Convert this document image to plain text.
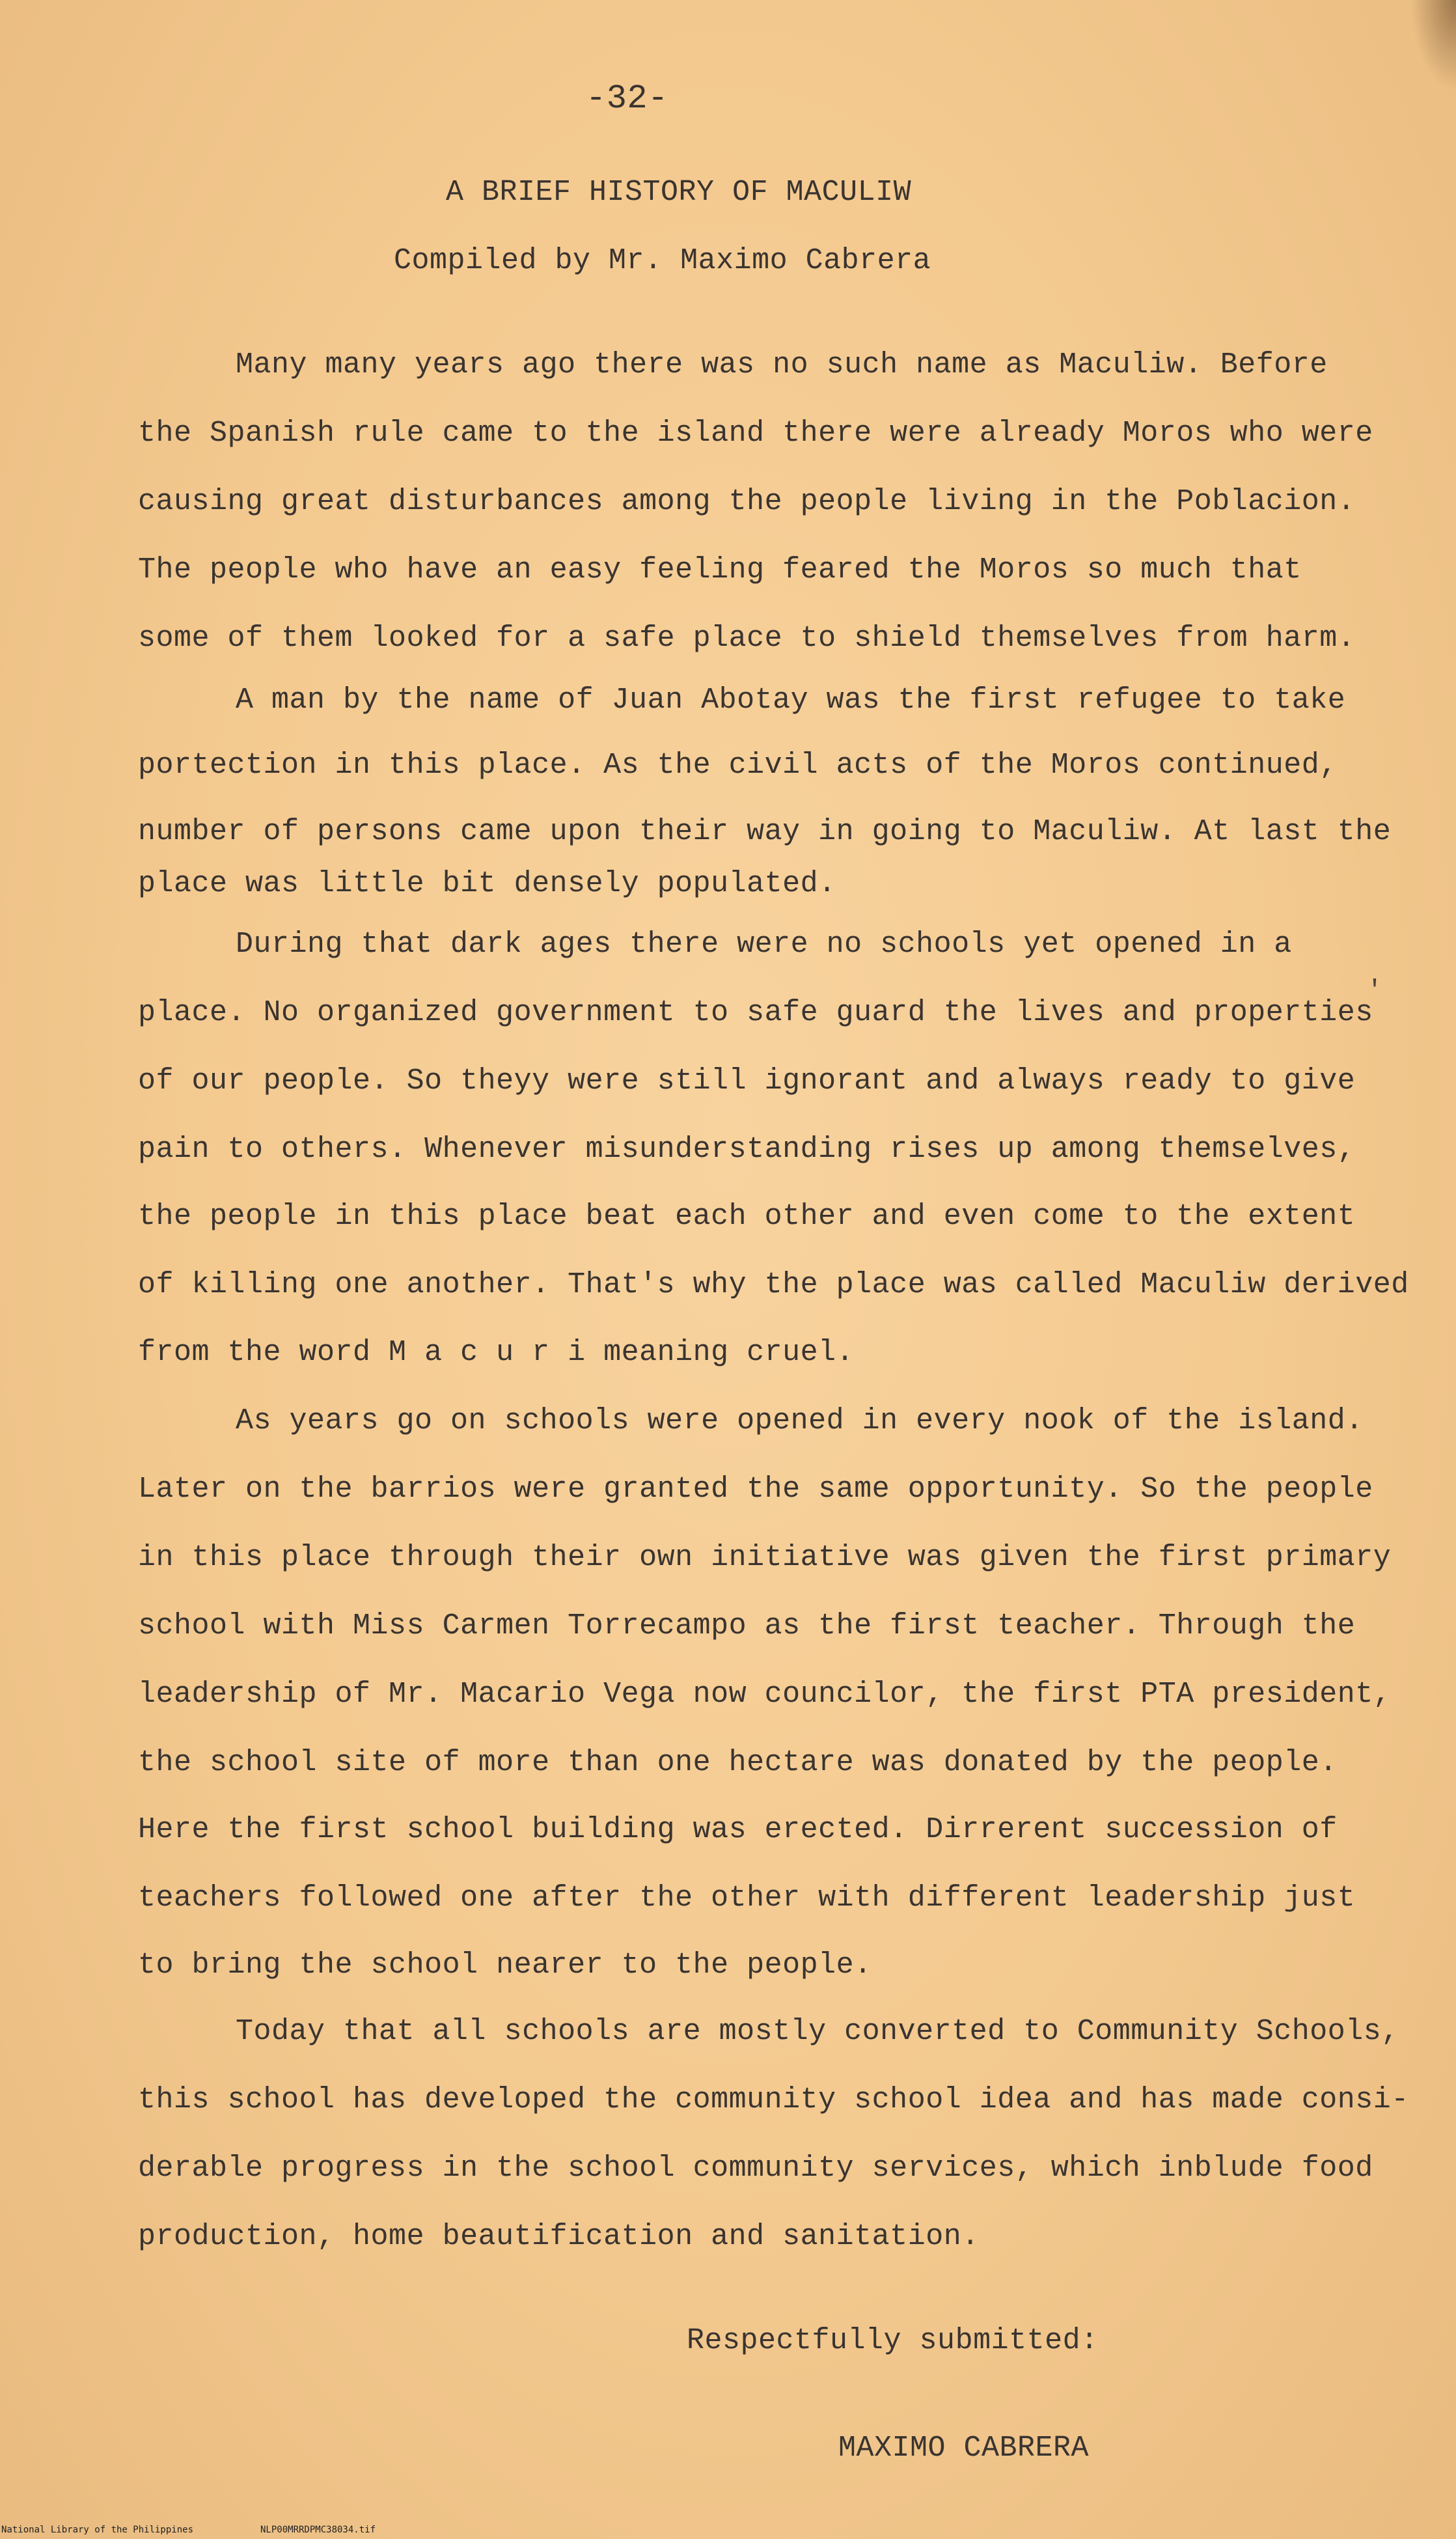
-32-
A BRIEF HISTORY OF MACULIW
Compiled by Mr. Maximo Cabrera
Many many years ago there was no such name as Maculiw. Before
the Spanish rule came to the island there were already Moros who were
causing great disturbances among the people living in the Poblacion.
The people who have an easy feeling feared the Moros so much that
some of them looked for a safe place to shield themselves from harm.
A man by the name of Juan Abotay was the first refugee to take
portection in this place. As the civil acts of the Moros continued,
number of persons came upon their way in going to Maculiw. At last the
place was little bit densely populated.
During that dark ages there were no schools yet opened in a
place. No organized government to safe guard the lives and properties
of our people. So theyy were still ignorant and always ready to give
pain to others. Whenever misunderstanding rises up among themselves,
the people in this place beat each other and even come to the extent
of killing one another. That's why the place was called Maculiw derived
from the word M a c u r i meaning cruel.
As years go on schools were opened in every nook of the island.
Later on the barrios were granted the same opportunity. So the people
in this place through their own initiative was given the first primary
school with Miss Carmen Torrecampo as the first teacher. Through the
leadership of Mr. Macario Vega now councilor, the first PTA president,
the school site of more than one hectare was donated by the people.
Here the first school building was erected. Dirrerent succession of
teachers followed one after the other with different leadership just
to bring the school nearer to the people.
Today that all schools are mostly converted to Community Schools,
this school has developed the community school idea and has made consi-
derable progress in the school community services, which inblude food
production, home beautification and sanitation.
Respectfully submitted:
MAXIMO CABRERA
′
National Library of the Philippines	NLP00MRRDPMC38034.tif
